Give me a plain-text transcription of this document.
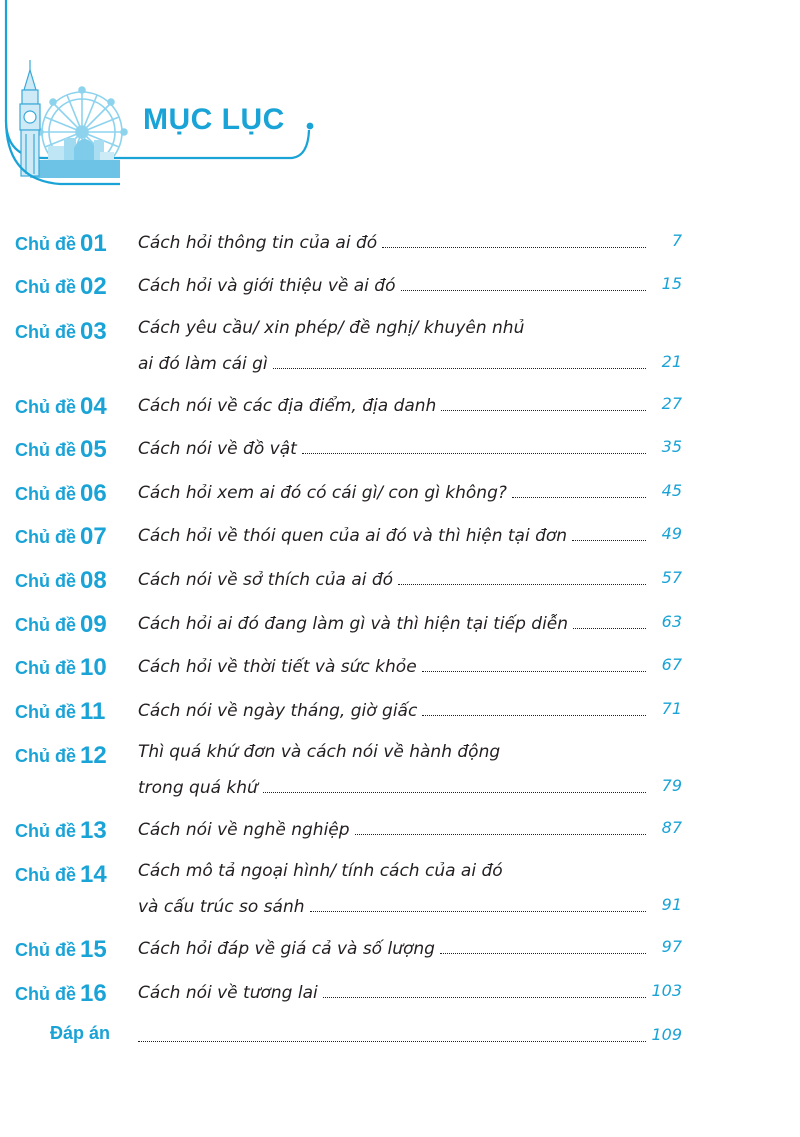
MỤC LỤC
Chủ đề 01 Cách hỏi thông tin của ai đó	7
Chủ đề 02 Cách hỏi và giới thiệu về ai đó	15
Chủ đề 03 Cách yêu cầu/ xin phép/ đề nghị/ khuyên nhủ
ai đó làm cái gì	21
Chủ đề 04 Cách nói về các địa điểm, địa danh	27
Chủ đề 05 Cách nói về đồ vật	35
Chủ đề 06 Cách hỏi xem ai đó có cái gì/ con gì không?	45
Chủ đề 07 Cách hỏi về thói quen của ai đó và thì hiện tại đơn	49
Chủ đề 08 Cách nói về sở thích của ai đó	57
Chủ đề 09 Cách hỏi ai đó đang làm gì và thì hiện tại tiếp diễn	63
Chủ đề 10 Cách hỏi về thời tiết và sức khỏe	67
Chủ đề 11 Cách nói về ngày tháng, giờ giấc	71
Chủ đề 12 Thì quá khứ đơn và cách nói về hành động
trong quá khứ	79
Chủ đề 13 Cách nói về nghề nghiệp	87
Chủ đề 14 Cách mô tả ngoại hình/ tính cách của ai đó
và cấu trúc so sánh	91
Chủ đề 15 Cách hỏi đáp về giá cả và số lượng	97
Chủ đề 16 Cách nói về tương lai	103
Đáp án	109
